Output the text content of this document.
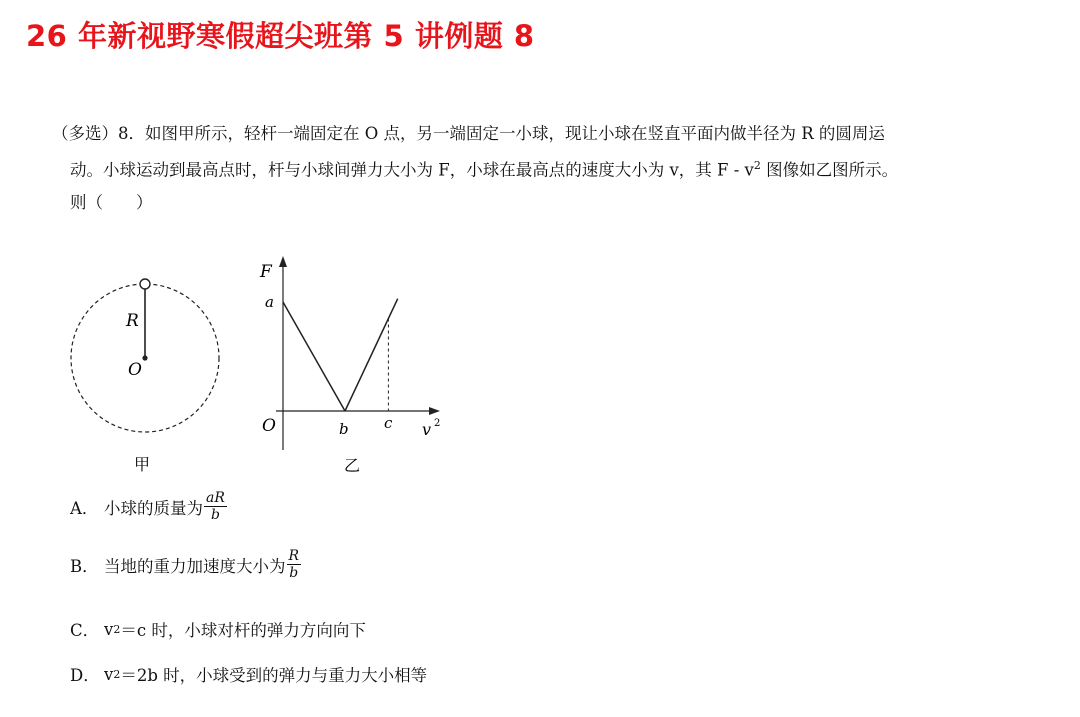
26 年新视野寒假超尖班第 5 讲例题 8
（多选）8．如图甲所示，轻杆一端固定在 O 点，另一端固定一小球，现让小球在竖直平面内做半径为 R 的圆周运
动。小球运动到最高点时，杆与小球间弹力大小为 F，小球在最高点的速度大小为 v，其 F - $v^2$ 图像如乙图所示。
则（　　）
R
O
甲
F
a
O	b c v 2
乙
A． 小球的质量为 $\frac{aR}{b}$
B． 当地的重力加速度大小为 $\frac{R}{b}$
C． v 2 ＝c 时，小球对杆的弹力方向向下
D． v 2 ＝2b 时，小球受到的弹力与重力大小相等
